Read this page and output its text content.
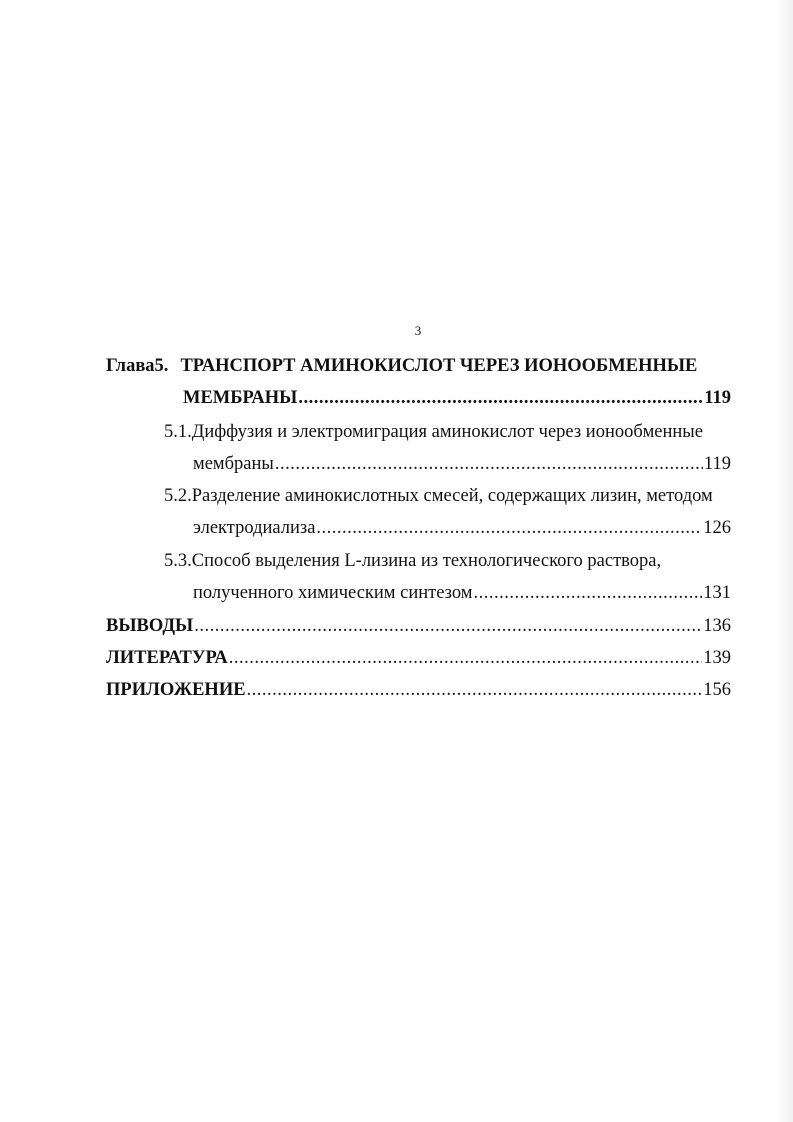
3
Глава5. ТРАНСПОРТ АМИНОКИСЛОТ ЧЕРЕЗ ИОНООБМЕННЫЕ
МЕМБРАНЫ .....	119
5.1. Диффузия и электромиграция аминокислот через ионообменные
мембраны .....	119
5.2. Разделение аминокислотных смесей, содержащих лизин, методом
электродиализа .....	126
5.3. Способ выделения L-лизина из технологического раствора,
полученного химическим синтезом .....	131
ВЫВОДЫ .....	136
ЛИТЕРАТУРА .....	139
ПРИЛОЖЕНИЕ .....	156
